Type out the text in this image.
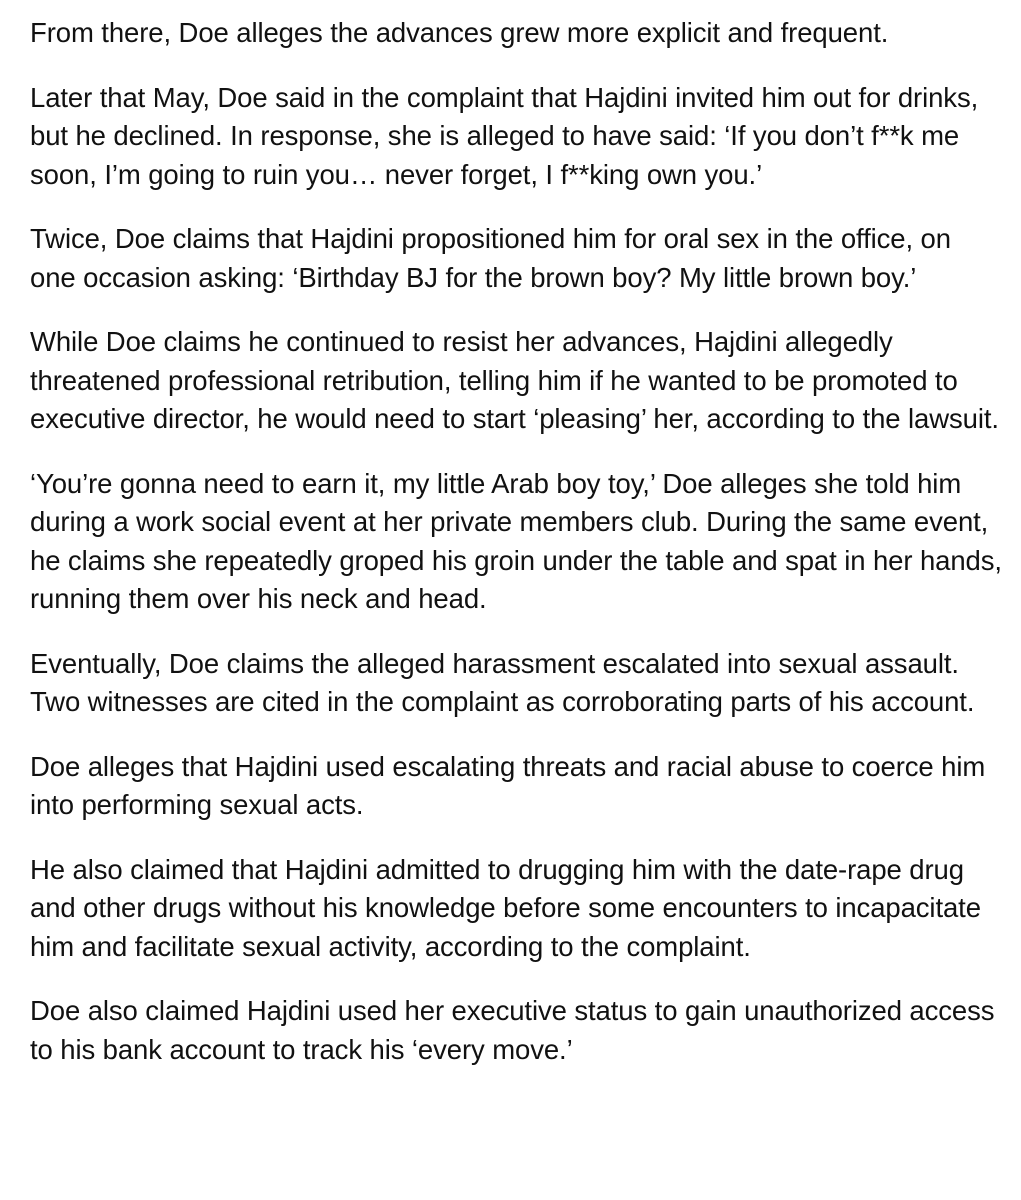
From there, Doe alleges the advances grew more explicit and frequent.

Later that May, Doe said in the complaint that Hajdini invited him out for drinks, but he declined. In response, she is alleged to have said: ‘If you don’t f**k me soon, I’m going to ruin you… never forget, I f**king own you.’

Twice, Doe claims that Hajdini propositioned him for oral sex in the office, on one occasion asking: ‘Birthday BJ for the brown boy? My little brown boy.’

While Doe claims he continued to resist her advances, Hajdini allegedly threatened professional retribution, telling him if he wanted to be promoted to executive director, he would need to start ‘pleasing’ her, according to the lawsuit.

‘You’re gonna need to earn it, my little Arab boy toy,’ Doe alleges she told him during a work social event at her private members club. During the same event, he claims she repeatedly groped his groin under the table and spat in her hands, running them over his neck and head.

Eventually, Doe claims the alleged harassment escalated into sexual assault. Two witnesses are cited in the complaint as corroborating parts of his account.

Doe alleges that Hajdini used escalating threats and racial abuse to coerce him into performing sexual acts.

He also claimed that Hajdini admitted to drugging him with the date-rape drug and other drugs without his knowledge before some encounters to incapacitate him and facilitate sexual activity, according to the complaint.

Doe also claimed Hajdini used her executive status to gain unauthorized access to his bank account to track his ‘every move.’
